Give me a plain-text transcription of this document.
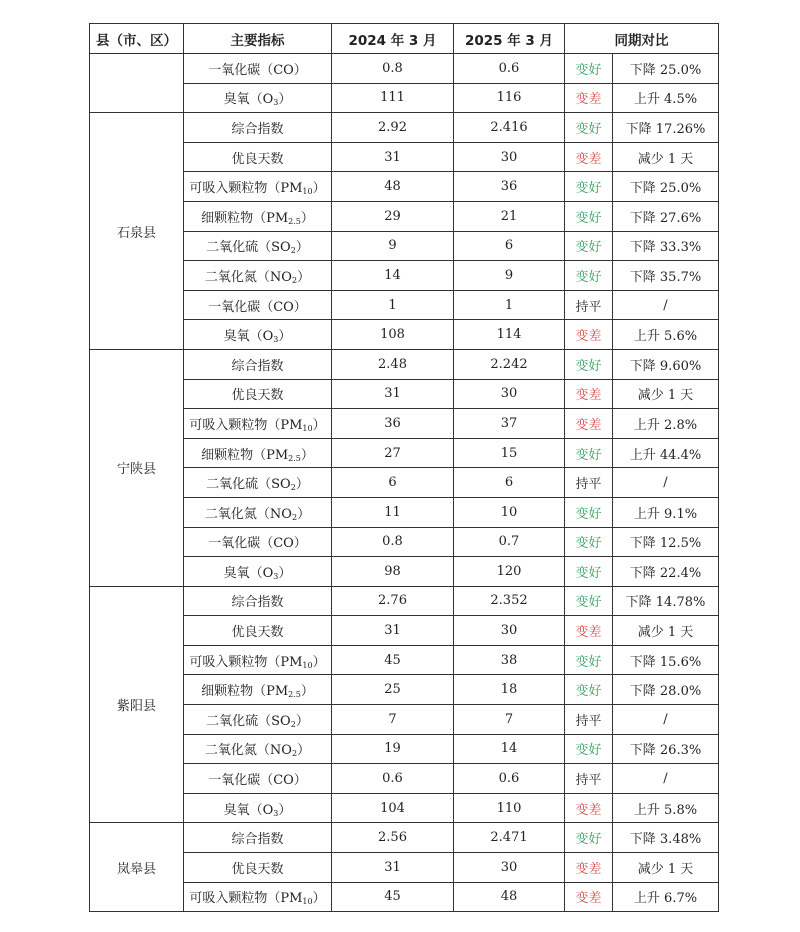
县（市、区）	主要指标	2024 年 3 月	2025 年 3 月	同期对比	
	一氧化碳（CO）	0.8	0.6	变好	下降 25.0%
	臭氧$(O_3)$	111	116	变差	上升 4.5%
石泉县	综合指数	2.92	2.416	变好	下降 17.26%
	优良天数	31	30	变差	减少 1 天
	可吸入颗粒物$(PM_{10})$	48	36	变好	下降 25.0%
	细颗粒物$(PM_{2.5})$	29	21	变好	下降 27.6%
	二氧化硫$(SO_2)$	9	6	变好	下降 33.3%
	二氧化氮$(NO_2)$	14	9	变好	下降 35.7%
	一氧化碳（CO）	1	1	持平	/
	臭氧$(O_3)$	108	114	变差	上升 5.6%
宁陕县	综合指数	2.48	2.242	变好	下降 9.60%
	优良天数	31	30	变差	减少 1 天
	可吸入颗粒物$(PM_{10})$	36	37	变差	上升 2.8%
	细颗粒物$(PM_{2.5})$	27	15	变好	上升 44.4%
	二氧化硫$(SO_2)$	6	6	持平	/
	二氧化氮$(NO_2)$	11	10	变好	上升 9.1%
	一氧化碳（CO）	0.8	0.7	变好	下降 12.5%
	臭氧$(O_3)$	98	120	变好	下降 22.4%
紫阳县	综合指数	2.76	2.352	变好	下降 14.78%
	优良天数	31	30	变差	减少 1 天
	可吸入颗粒物$(PM_{10})$	45	38	变好	下降 15.6%
	细颗粒物$(PM_{2.5})$	25	18	变好	下降 28.0%
	二氧化硫$(SO_2)$	7	7	持平	/
	二氧化氮$(NO_2)$	19	14	变好	下降 26.3%
	一氧化碳（CO）	0.6	0.6	持平	/
	臭氧$(O_3)$	104	110	变差	上升 5.8%
岚皋县	综合指数	2.56	2.471	变好	下降 3.48%
	优良天数	31	30	变差	减少 1 天
	可吸入颗粒物$(PM_{10})$	45	48	变差	上升 6.7%
